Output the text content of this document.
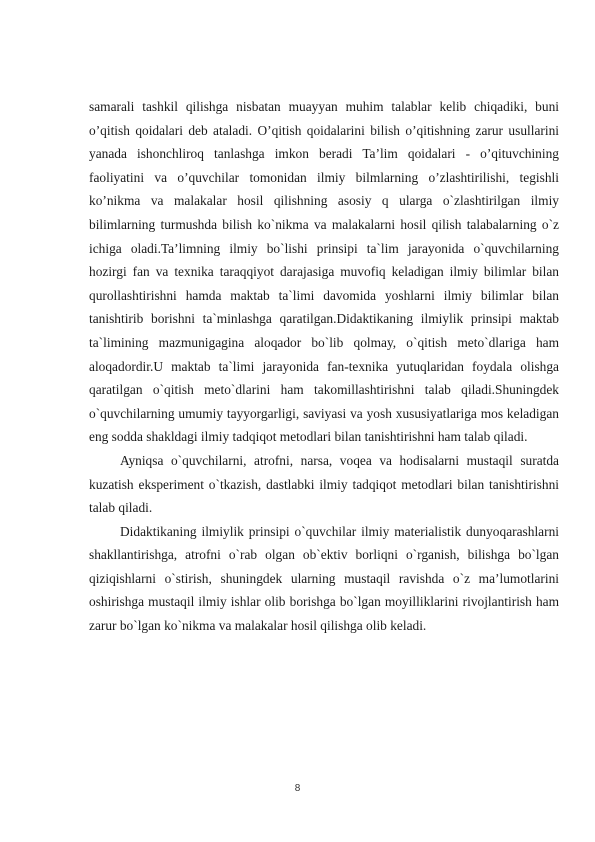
samarali tashkil qilishga nisbatan muayyan muhim talablar kelib chiqadiki, buni o’qitish qoidalari deb ataladi. O’qitish qoidalarini bilish o’qitishning zarur usullarini yanada ishonchliroq tanlashga imkon beradi Ta’lim qoidalari - o’qituvchining faoliyatini va o’quvchilar tomonidan ilmiy bilmlarning o’zlashtirilishi, tegishli ko’nikma va malakalar hosil qilishning asosiy q ularga o`zlashtirilgan ilmiy bilimlarning turmushda bilish ko`nikma va malakalarni hosil qilish talabalarning o`z ichiga oladi.Ta’limning ilmiy bo`lishi prinsipi ta`lim jarayonida o`quvchilarning hozirgi fan va texnika taraqqiyot darajasiga muvofiq keladigan ilmiy bilimlar bilan qurollashtirishni hamda maktab ta`limi davomida yoshlarni ilmiy bilimlar bilan tanishtirib borishni ta`minlashga qaratilgan.Didaktikaning ilmiylik prinsipi maktab ta`limining mazmunigagina aloqador bo`lib qolmay, o`qitish meto`dlariga ham aloqadordir.U maktab ta`limi jarayonida fan-texnika yutuqlaridan foydala olishga qaratilgan o`qitish meto`dlarini ham takomillashtirishni talab qiladi.Shuningdek o`quvchilarning umumiy tayyorgarligi, saviyasi va yosh xususiyatlariga mos keladigan eng sodda shakldagi ilmiy tadqiqot metodlari bilan tanishtirishni ham talab qiladi.

Ayniqsa o`quvchilarni, atrofni, narsa, voqea va hodisalarni mustaqil suratda kuzatish eksperiment o`tkazish, dastlabki ilmiy tadqiqot metodlari bilan tanishtirishni talab qiladi.

Didaktikaning ilmiylik prinsipi o`quvchilar ilmiy materialistik dunyoqarashlarni shakllantirishga, atrofni o`rab olgan ob`ektiv borliqni o`rganish, bilishga bo`lgan qiziqishlarni o`stirish, shuningdek ularning mustaqil ravishda o`z ma’lumotlarini oshirishga mustaqil ilmiy ishlar olib borishga bo`lgan moyilliklarini rivojlantirish ham zarur bo`lgan ko`nikma va malakalar hosil qilishga olib keladi.

8
